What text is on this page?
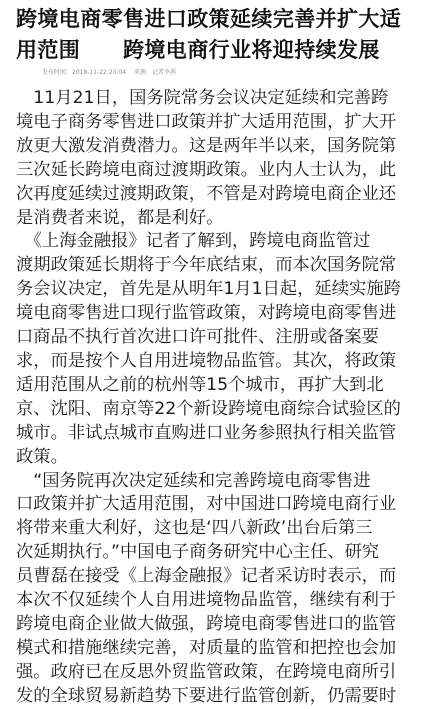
跨境电商零售进口政策延续完善并扩大适
用范围　　跨境电商行业将迎持续发展
发布时间：2018-11-22 23:04 来源：记者李燕

　11月21日，国务院常务会议决定延续和完善跨
境电子商务零售进口政策并扩大适用范围，扩大开
放更大激发消费潜力。这是两年半以来，国务院第
三次延长跨境电商过渡期政策。业内人士认为，此
次再度延续过渡期政策，不管是对跨境电商企业还
是消费者来说，都是利好。

　《上海金融报》记者了解到，跨境电商监管过
渡期政策延长期将于今年底结束，而本次国务院常
务会议决定，首先是从明年1月1日起，延续实施跨
境电商零售进口现行监管政策，对跨境电商零售进
口商品不执行首次进口许可批件、注册或备案要
求，而是按个人自用进境物品监管。其次，将政策
适用范围从之前的杭州等15个城市，再扩大到北
京、沈阳、南京等22个新设跨境电商综合试验区的
城市。非试点城市直购进口业务参照执行相关监管
政策。

　“国务院再次决定延续和完善跨境电商零售进
口政策并扩大适用范围，对中国进口跨境电商行业
将带来重大利好，这也是‘四八新政’出台后第三
次延期执行。”中国电子商务研究中心主任、研究
员曹磊在接受《上海金融报》记者采访时表示，而
本次不仅延续个人自用进境物品监管，继续有利于
跨境电商企业做大做强，跨境电商零售进口的监管
模式和措施继续完善，对质量的监管和把控也会加
强。政府已在反思外贸监管政策，在跨境电商所引
发的全球贸易新趋势下要进行监管创新，仍需要时
